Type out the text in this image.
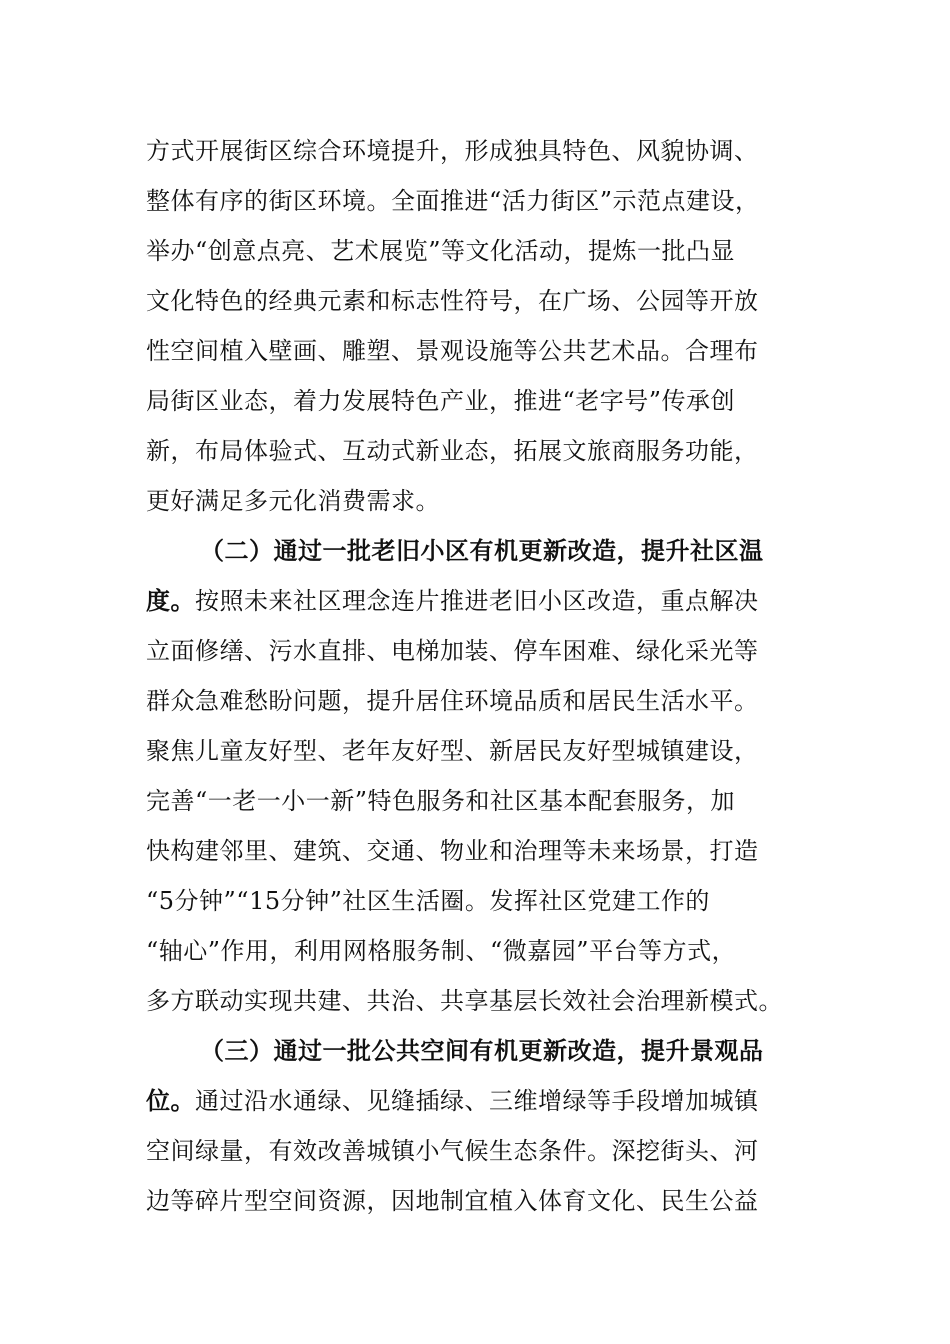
方式开展街区综合环境提升，形成独具特色、风貌协调、
整体有序的街区环境。全面推进“活力街区”示范点建设，
举办“创意点亮、艺术展览”等文化活动，提炼一批凸显
文化特色的经典元素和标志性符号，在广场、公园等开放
性空间植入壁画、雕塑、景观设施等公共艺术品。合理布
局街区业态，着力发展特色产业，推进“老字号”传承创
新，布局体验式、互动式新业态，拓展文旅商服务功能，
更好满足多元化消费需求。
（二）通过一批老旧小区有机更新改造，提升社区温
度。按照未来社区理念连片推进老旧小区改造，重点解决
立面修缮、污水直排、电梯加装、停车困难、绿化采光等
群众急难愁盼问题，提升居住环境品质和居民生活水平。
聚焦儿童友好型、老年友好型、新居民友好型城镇建设，
完善“一老一小一新”特色服务和社区基本配套服务，加
快构建邻里、建筑、交通、物业和治理等未来场景，打造
“5分钟”“15分钟”社区生活圈。发挥社区党建工作的
“轴心”作用，利用网格服务制、“微嘉园”平台等方式，
多方联动实现共建、共治、共享基层长效社会治理新模式。
（三）通过一批公共空间有机更新改造，提升景观品
位。通过沿水通绿、见缝插绿、三维增绿等手段增加城镇
空间绿量，有效改善城镇小气候生态条件。深挖街头、河
边等碎片型空间资源，因地制宜植入体育文化、民生公益
